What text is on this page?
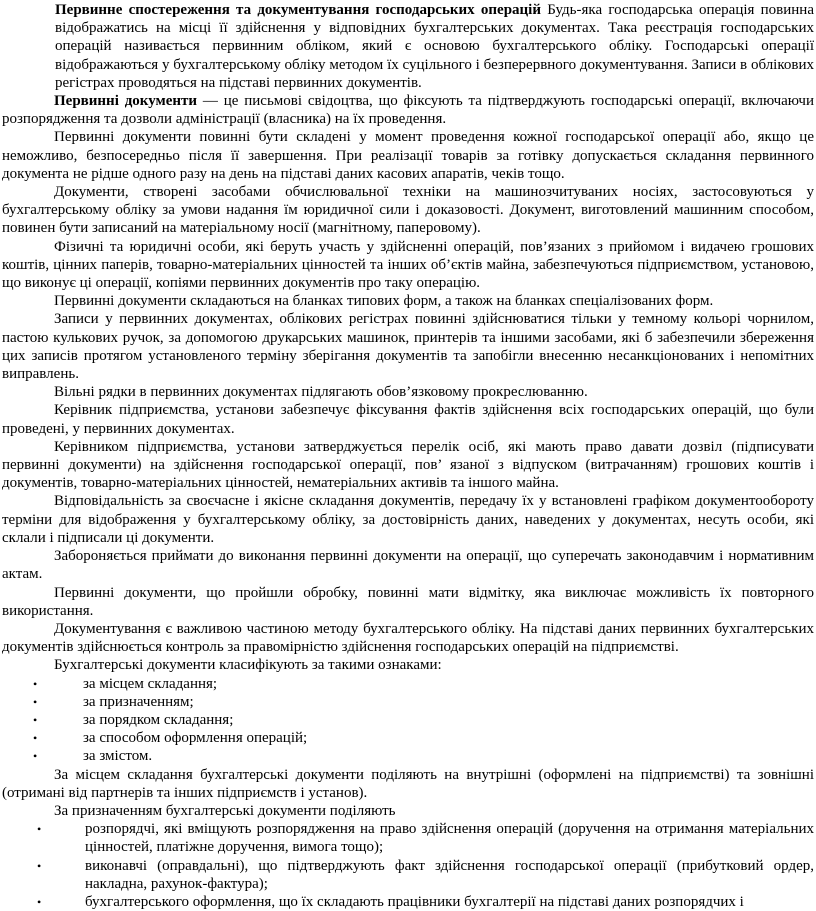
Первинне спостереження та документування господарських операцій Будь-яка господарська операція повинна відображатись на місці її здійснення у відповідних бухгалтерських документах. Така реєстрація господарських операцій називається первинним обліком, який є основою бухгалтерського обліку. Господарські операції відображаються у бухгалтерському обліку методом їх суцільного і безперервного документування. Записи в облікових регістрах проводяться на підставі первинних документів.

Первинні документи — це письмові свідоцтва, що фіксують та підтверджують господарські операції, включаючи розпорядження та дозволи адміністрації (власника) на їх проведення.

Первинні документи повинні бути складені у момент проведення кожної господарської операції або, якщо це неможливо, безпосередньо після її завершення. При реалізації товарів за готівку допускається складання первинного документа не рідше одного разу на день на підставі даних касових апаратів, чеків тощо.

Документи, створені засобами обчислювальної техніки на машинозчитуваних носіях, застосовуються у бухгалтерському обліку за умови надання їм юридичної сили і доказовості. Документ, виготовлений машинним способом, повинен бути записаний на матеріальному носії (магнітному, паперовому).

Фізичні та юридичні особи, які беруть участь у здійсненні операцій, пов’язаних з прийомом і видачею грошових коштів, цінних паперів, товарно-матеріальних цінностей та інших об’єктів майна, забезпечуються підприємством, установою, що виконує ці операції, копіями первинних документів про таку операцію.

Первинні документи складаються на бланках типових форм, а також на бланках спеціалізованих форм.

Записи у первинних документах, облікових регістрах повинні здійснюватися тільки у темному кольорі чорнилом, пастою кулькових ручок, за допомогою друкарських машинок, принтерів та іншими засобами, які б забезпечили збереження цих записів протягом установленого терміну зберігання документів та запобігли внесенню несанкціонованих і непомітних виправлень.

Вільні рядки в первинних документах підлягають обов’язковому прокреслюванню.

Керівник підприємства, установи забезпечує фіксування фактів здійснення всіх господарських операцій, що були проведені, у первинних документах.

Керівником підприємства, установи затверджується перелік осіб, які мають право давати дозвіл (підписувати первинні документи) на здійснення господарської операції, пов’ язаної з відпуском (витрачанням) грошових коштів і документів, товарно-матеріальних цінностей, нематеріальних активів та іншого майна.

Відповідальність за своєчасне і якісне складання документів, передачу їх у встановлені графіком документообороту терміни для відображення у бухгалтерському обліку, за достовірність даних, наведених у документах, несуть особи, які склали і підписали ці документи.

Забороняється приймати до виконання первинні документи на операції, що суперечать законодавчим і нормативним актам.

Первинні документи, що пройшли обробку, повинні мати відмітку, яка виключає можливість їх повторного використання.

Документування є важливою частиною методу бухгалтерського обліку. На підставі даних первинних бухгалтерських документів здійснюється контроль за правомірністю здійснення господарських операцій на підприємстві.

Бухгалтерські документи класифікують за такими ознаками:

•	за місцем складання;
•	за призначенням;
•	за порядком складання;
•	за способом оформлення операцій;
•	за змістом.

За місцем складання бухгалтерські документи поділяють на внутрішні (оформлені на підприємстві) та зовнішні (отримані від партнерів та інших підприємств і установ).

За призначенням бухгалтерські документи поділяють

•	розпорядчі, які вміщують розпорядження на право здійснення операцій (доручення на отримання матеріальних цінностей, платіжне доручення, вимога тощо);
•	виконавчі (оправдальні), що підтверджують факт здійснення господарської операції (прибутковий ордер, накладна, рахунок-фактура);
•	бухгалтерського оформлення, що їх складають працівники бухгалтерії на підставі даних розпорядчих і
